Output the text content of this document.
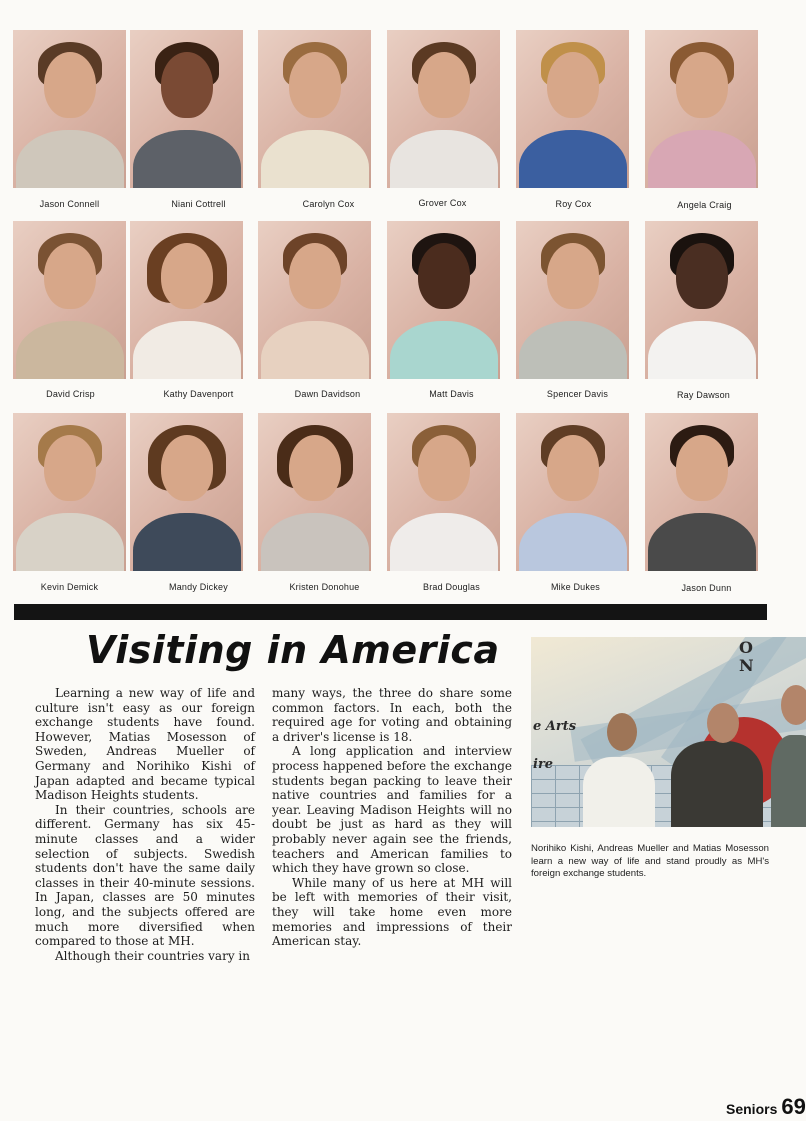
Jason Connell	Niani Cottrell	Carolyn Cox	Grover Cox	Roy Cox	Angela Craig
David Crisp	Kathy Davenport	Dawn Davidson	Matt Davis	Spencer Davis	Ray Dawson
Kevin Demick	Mandy Dickey	Kristen Donohue	Brad Douglas	Mike Dukes	Jason Dunn
Visiting in America

Learning a new way of life and culture isn't easy as our foreign exchange students have found. However, Matias Mosesson of Sweden, Andreas Mueller of Germany and Norihiko Kishi of Japan adapted and became typical Madison Heights students.

In their countries, schools are different. Germany has six 45-minute classes and a wider selection of subjects. Swedish students don't have the same daily classes in their 40-minute sessions. In Japan, classes are 50 minutes long, and the subjects offered are much more diversified when compared to those at MH.

Although their countries vary in

many ways, the three do share some common factors. In each, both the required age for voting and obtaining a driver's license is 18.

A long application and interview process happened before the exchange students began packing to leave their native countries and families for a year. Leaving Madison Heights will no doubt be just as hard as they will probably never again see the friends, teachers and American families to which they have grown so close.

While many of us here at MH will be left with memories of their visit, they will take home even more memories and impressions of their American stay.

e Arts
ire
O N
Norihiko Kishi, Andreas Mueller and Matias Mosesson learn a new way of life and stand proudly as MH's foreign exchange students.
Seniors 69
